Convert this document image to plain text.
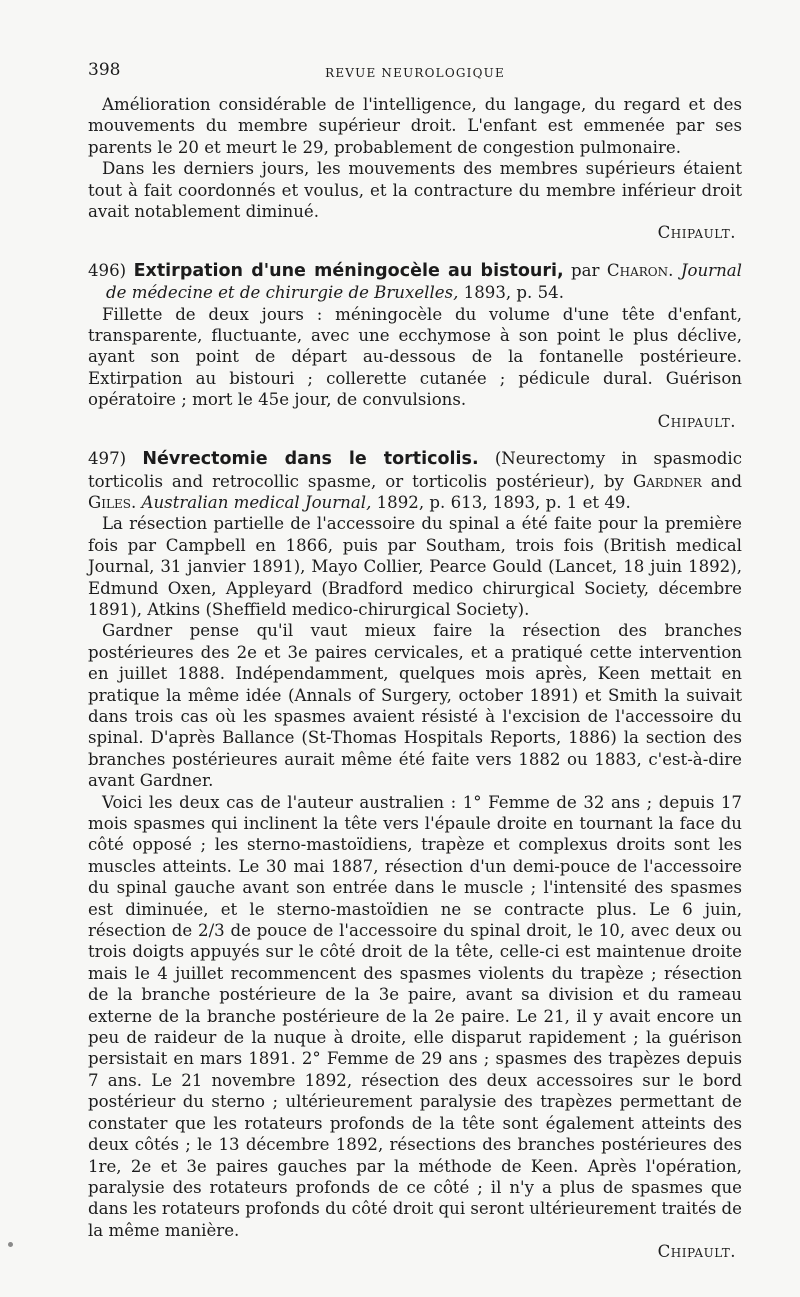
398	REVUE NEUROLOGIQUE

Amélioration considérable de l'intelligence, du langage, du regard et des mouvements du membre supérieur droit. L'enfant est emmenée par ses parents le 20 et meurt le 29, probablement de congestion pulmonaire.

Dans les derniers jours, les mouvements des membres supérieurs étaient tout à fait coordonnés et voulus, et la contracture du membre inférieur droit avait notablement diminué.

Chipault.

496) Extirpation d'une méningocèle au bistouri, par Charon. Journal de médecine et de chirurgie de Bruxelles, 1893, p. 54.

Fillette de deux jours : méningocèle du volume d'une tête d'enfant, transparente, fluctuante, avec une ecchymose à son point le plus déclive, ayant son point de départ au-dessous de la fontanelle postérieure. Extirpation au bistouri ; collerette cutanée ; pédicule dural. Guérison opératoire ; mort le 45e jour, de convulsions.

Chipault.

497) Névrectomie dans le torticolis. (Neurectomy in spasmodic torticolis and retrocollic spasme, or torticolis postérieur), by Gardner and Giles. Australian medical Journal, 1892, p. 613, 1893, p. 1 et 49.

La résection partielle de l'accessoire du spinal a été faite pour la première fois par Campbell en 1866, puis par Southam, trois fois (British medical Journal, 31 janvier 1891), Mayo Collier, Pearce Gould (Lancet, 18 juin 1892), Edmund Oxen, Appleyard (Bradford medico chirurgical Society, décembre 1891), Atkins (Sheffield medico-chirurgical Society).

Gardner pense qu'il vaut mieux faire la résection des branches postérieures des 2e et 3e paires cervicales, et a pratiqué cette intervention en juillet 1888. Indépendamment, quelques mois après, Keen mettait en pratique la même idée (Annals of Surgery, october 1891) et Smith la suivait dans trois cas où les spasmes avaient résisté à l'excision de l'accessoire du spinal. D'après Ballance (St-Thomas Hospitals Reports, 1886) la section des branches postérieures aurait même été faite vers 1882 ou 1883, c'est-à-dire avant Gardner.

Voici les deux cas de l'auteur australien : 1° Femme de 32 ans ; depuis 17 mois spasmes qui inclinent la tête vers l'épaule droite en tournant la face du côté opposé ; les sterno-mastoïdiens, trapèze et complexus droits sont les muscles atteints. Le 30 mai 1887, résection d'un demi-pouce de l'accessoire du spinal gauche avant son entrée dans le muscle ; l'intensité des spasmes est diminuée, et le sterno-mastoïdien ne se contracte plus. Le 6 juin, résection de 2/3 de pouce de l'accessoire du spinal droit, le 10, avec deux ou trois doigts appuyés sur le côté droit de la tête, celle-ci est maintenue droite mais le 4 juillet recommencent des spasmes violents du trapèze ; résection de la branche postérieure de la 3e paire, avant sa division et du rameau externe de la branche postérieure de la 2e paire. Le 21, il y avait encore un peu de raideur de la nuque à droite, elle disparut rapidement ; la guérison persistait en mars 1891. 2° Femme de 29 ans ; spasmes des trapèzes depuis 7 ans. Le 21 novembre 1892, résection des deux accessoires sur le bord postérieur du sterno ; ultérieurement paralysie des trapèzes permettant de constater que les rotateurs profonds de la tête sont également atteints des deux côtés ; le 13 décembre 1892, résections des branches postérieures des 1re, 2e et 3e paires gauches par la méthode de Keen. Après l'opération, paralysie des rotateurs profonds de ce côté ; il n'y a plus de spasmes que dans les rotateurs profonds du côté droit qui seront ultérieurement traités de la même manière.

Chipault.
